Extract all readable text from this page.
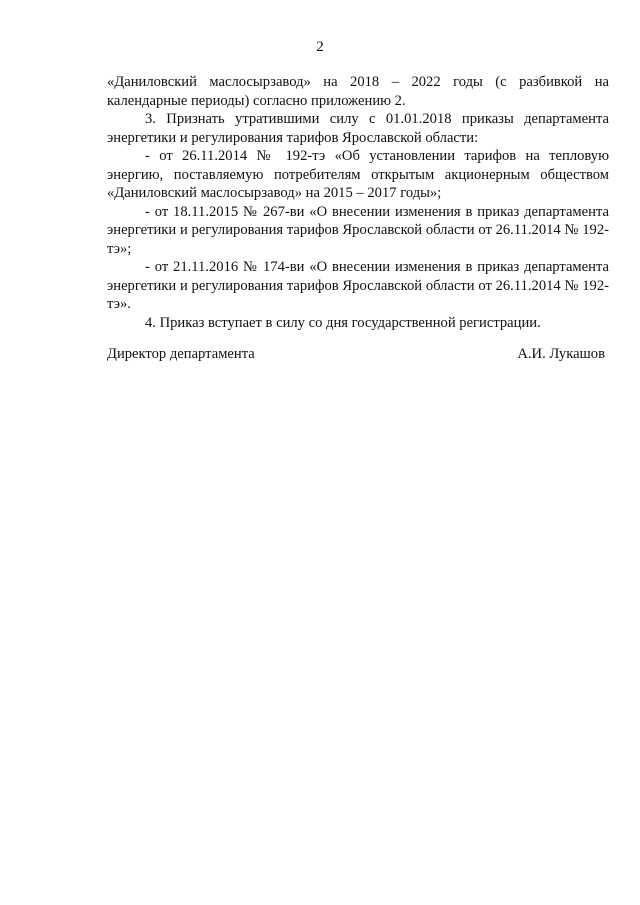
2

«Даниловский маслосырзавод» на 2018 – 2022 годы (с разбивкой на календарные периоды) согласно приложению 2.

3. Признать утратившими силу с 01.01.2018 приказы департамента энергетики и регулирования тарифов Ярославской области:

- от 26.11.2014 № 192-тэ «Об установлении тарифов на тепловую энергию, поставляемую потребителям открытым акционерным обществом «Даниловский маслосырзавод» на 2015 – 2017 годы»;

- от 18.11.2015 № 267-ви «О внесении изменения в приказ департамента энергетики и регулирования тарифов Ярославской области от 26.11.2014 № 192-тэ»;

- от 21.11.2016 № 174-ви «О внесении изменения в приказ департамента энергетики и регулирования тарифов Ярославской области от 26.11.2014 № 192-тэ».

4. Приказ вступает в силу со дня государственной регистрации.

Директор департамента	А.И. Лукашов
